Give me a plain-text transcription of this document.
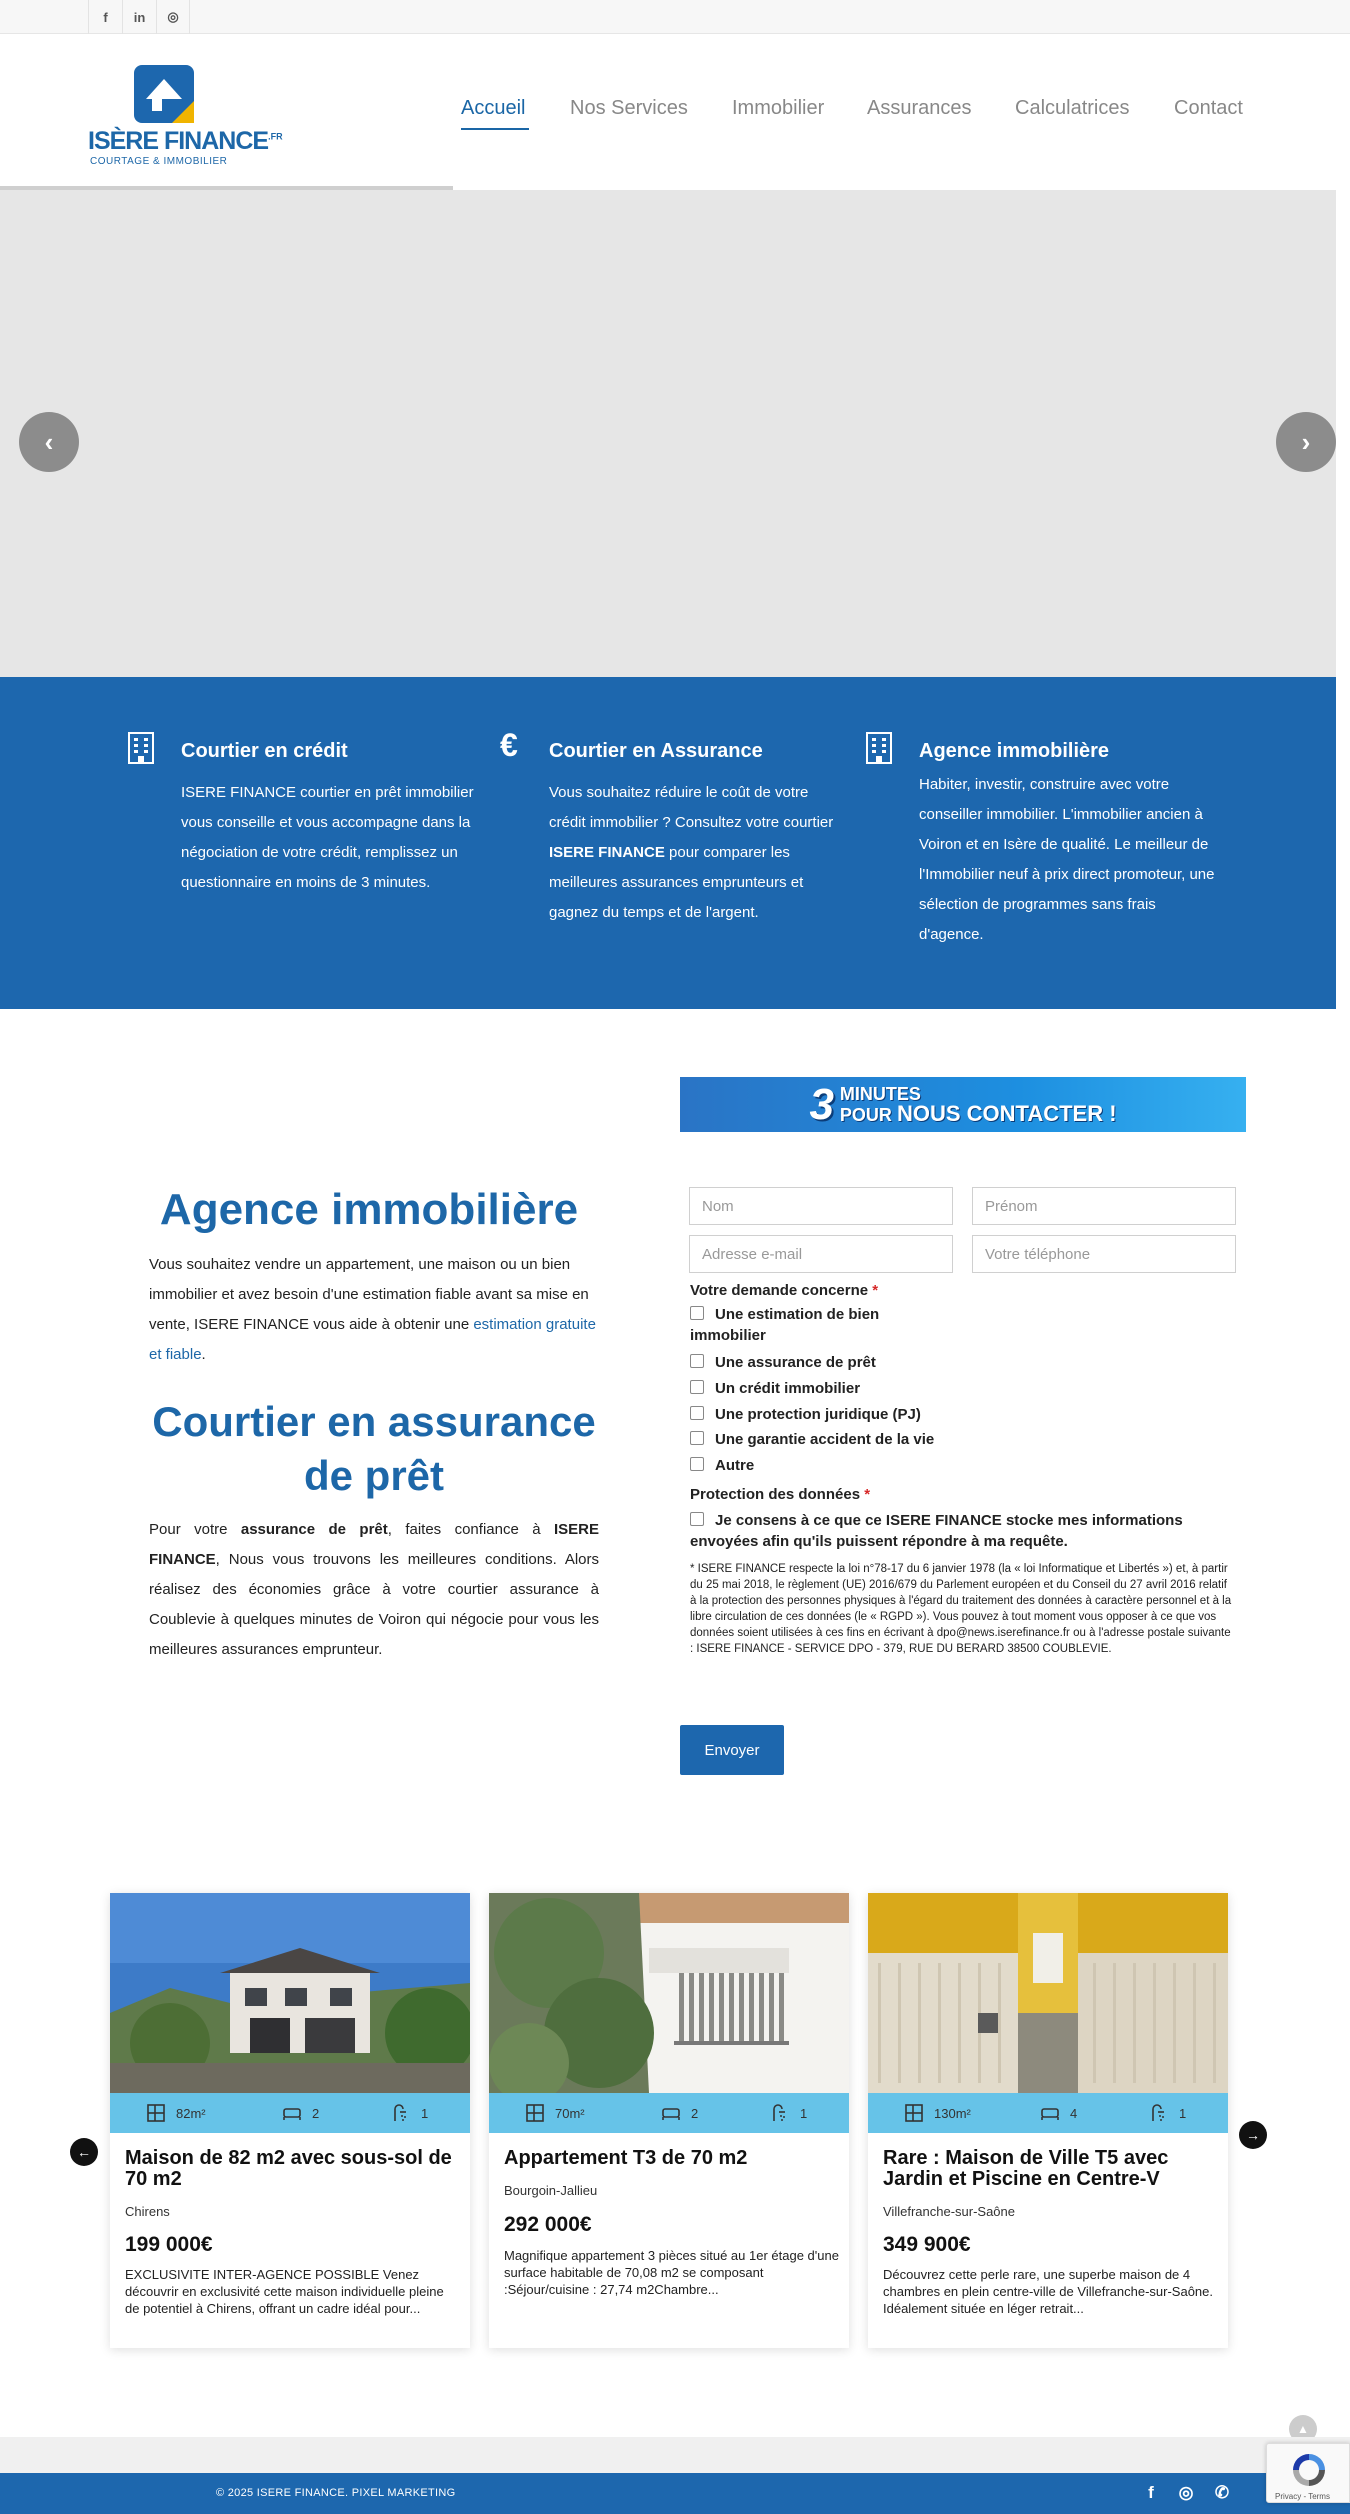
f	in	◎
ISÈRE $FINANCE^{.FR}$
COURTAGE & IMMOBILIER
Accueil Nos Services Immobilier Assurances Calculatrices Contact
‹	›
Courtier en crédit
ISERE FINANCE courtier en prêt immobilier vous conseille et vous accompagne dans la négociation de votre crédit, remplissez un questionnaire en moins de 3 minutes.
€	Courtier en Assurance
Vous souhaitez réduire le coût de votre crédit immobilier ? Consultez votre courtier ISERE FINANCE pour comparer les meilleures assurances emprunteurs et gagnez du temps et de l'argent.
Agence immobilière
Habiter, investir, construire avec votre conseiller immobilier. L'immobilier ancien à Voiron et en Isère de qualité. Le meilleur de l'Immobilier neuf à prix direct promoteur, une sélection de programmes sans frais d'agence.
3 MINUTES
POUR NOUS CONTACTER !
Agence immobilière

Vous souhaitez vendre un appartement, une maison ou un bien immobilier et avez besoin d'une estimation fiable avant sa mise en vente, ISERE FINANCE vous aide à obtenir une estimation gratuite et fiable.

Courtier en assurance de prêt

Pour votre assurance de prêt, faites confiance à ISERE FINANCE, Nous vous trouvons les meilleures conditions. Alors réalisez des économies grâce à votre courtier assurance à Coublevie à quelques minutes de Voiron qui négocie pour vous les meilleures assurances emprunteur.

Nom
Prénom
Adresse e-mail
Votre téléphone
Votre demande concerne *
Une estimation de bien immobilier
Une assurance de prêt
Un crédit immobilier
Une protection juridique (PJ)
Une garantie accident de la vie
Autre
Protection des données *
Je consens à ce que ce ISERE FINANCE stocke mes informations envoyées afin qu'ils puissent répondre à ma requête.

* ISERE FINANCE respecte la loi n°78-17 du 6 janvier 1978 (la « loi Informatique et Libertés ») et, à partir du 25 mai 2018, le règlement (UE) 2016/679 du Parlement européen et du Conseil du 27 avril 2016 relatif à la protection des personnes physiques à l'égard du traitement des données à caractère personnel et à la libre circulation de ces données (le « RGPD »). Vous pouvez à tout moment vous opposer à ce que vos données soient utilisées à ces fins en écrivant à dpo@news.iserefinance.fr ou à l'adresse postale suivante : ISERE FINANCE - SERVICE DPO - 379, RUE DU BERARD 38500 COUBLEVIE.

Envoyer
←
→
82m²	2	1
Maison de 82 m2 avec sous-sol de 70 m2
Chirens
199 000€
EXCLUSIVITE INTER-AGENCE POSSIBLE Venez découvrir en exclusivité cette maison individuelle pleine de potentiel à Chirens, offrant un cadre idéal pour...
70m²	2	1
Appartement T3 de 70 m2
Bourgoin-Jallieu
292 000€
Magnifique appartement 3 pièces situé au 1er étage d'une surface habitable de 70,08 m2 se composant :Séjour/cuisine : 27,74 m2Chambre...
130m²	4	1
Rare : Maison de Ville T5 avec Jardin et Piscine en Centre-V
Villefranche-sur-Saône
349 900€
Découvrez cette perle rare, une superbe maison de 4 chambres en plein centre-ville de Villefranche-sur-Saône. Idéalement située en léger retrait...
▲
© 2025 ISERE FINANCE. PIXEL MARKETING	f	◎ ✆	Privacy - Terms
